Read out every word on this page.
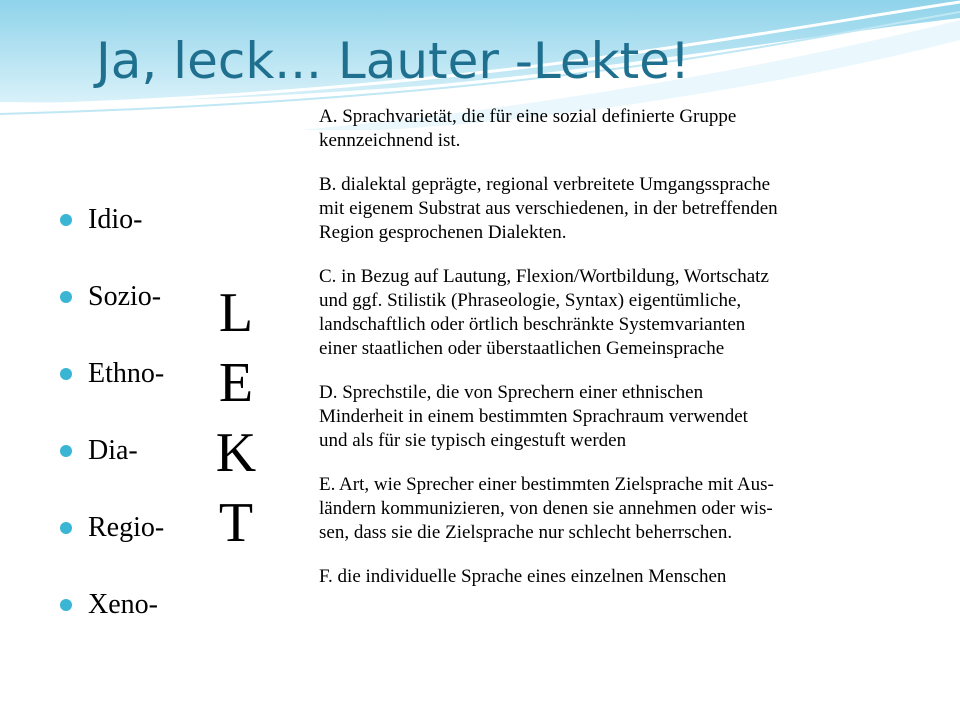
Ja, leck... Lauter -Lekte!
Idio-
Sozio-
Ethno-
Dia-
Regio-
Xeno-
L
E
K
T

A. Sprachvarietät, die für eine sozial definierte Gruppe
kennzeichnend ist.

B. dialektal geprägte, regional verbreitete Umgangssprache
mit eigenem Substrat aus verschiedenen, in der betreffenden
Region gesprochenen Dialekten.

C. in Bezug auf Lautung, Flexion/Wortbildung, Wortschatz
und ggf. Stilistik (Phraseologie, Syntax) eigentümliche,
landschaftlich oder örtlich beschränkte Systemvarianten
einer staatlichen oder überstaatlichen Gemeinsprache

D. Sprechstile, die von Sprechern einer ethnischen
Minderheit in einem bestimmten Sprachraum verwendet
und als für sie typisch eingestuft werden

E. Art, wie Sprecher einer bestimmten Zielsprache mit Aus-
ländern kommunizieren, von denen sie annehmen oder wis-
sen, dass sie die Zielsprache nur schlecht beherrschen.

F. die individuelle Sprache eines einzelnen Menschen
